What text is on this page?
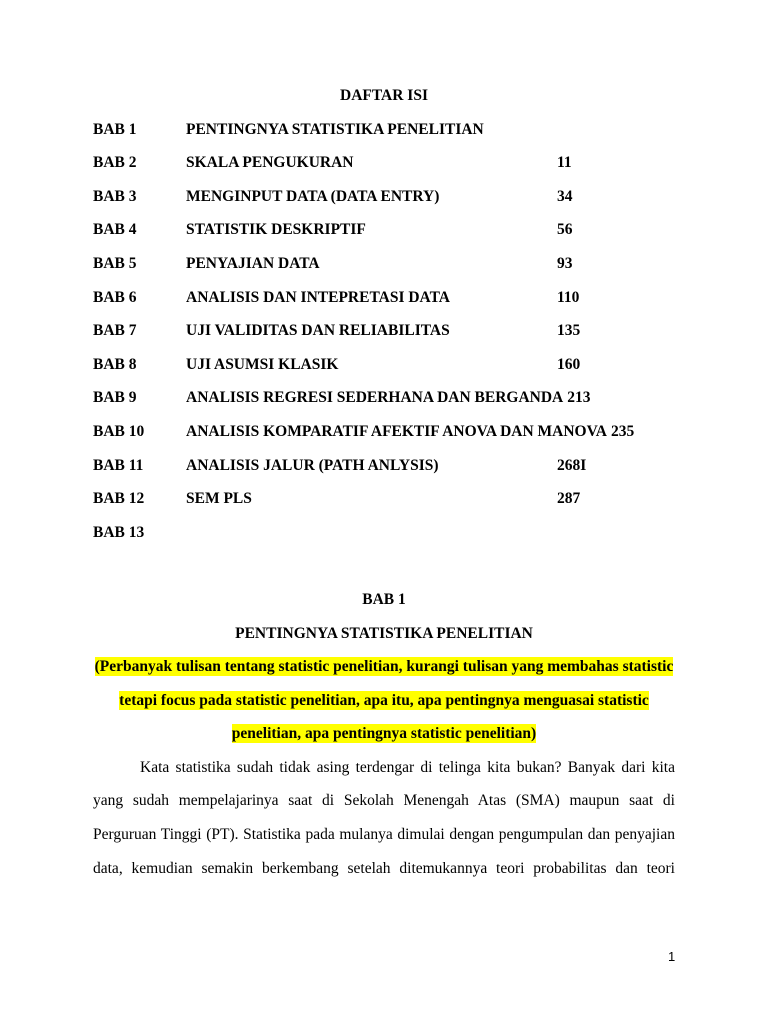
DAFTAR ISI
BAB 1	PENTINGNYA STATISTIKA PENELITIAN
BAB 2	SKALA PENGUKURAN	11
BAB 3	MENGINPUT DATA (DATA ENTRY)	34
BAB 4	STATISTIK DESKRIPTIF	56
BAB 5	PENYAJIAN DATA	93
BAB 6	ANALISIS DAN INTEPRETASI DATA	110
BAB 7	UJI VALIDITAS DAN RELIABILITAS	135
BAB 8	UJI ASUMSI KLASIK	160
BAB 9	ANALISIS REGRESI SEDERHANA DAN BERGANDA 213
BAB 10	ANALISIS KOMPARATIF AFEKTIF ANOVA DAN MANOVA 235
BAB 11	ANALISIS JALUR (PATH ANLYSIS)	268I
BAB 12	SEM PLS	287
BAB 13
BAB 1
PENTINGNYA STATISTIKA PENELITIAN
(Perbanyak tulisan tentang statistic penelitian, kurangi tulisan yang membahas statistic
tetapi focus pada statistic penelitian, apa itu, apa pentingnya menguasai statistic
penelitian, apa pentingnya statistic penelitian)
Kata statistika sudah tidak asing terdengar di telinga kita bukan? Banyak dari kita
yang sudah mempelajarinya saat di Sekolah Menengah Atas (SMA) maupun saat di
Perguruan Tinggi (PT). Statistika pada mulanya dimulai dengan pengumpulan dan penyajian
data, kemudian semakin berkembang setelah ditemukannya teori probabilitas dan teori
1
